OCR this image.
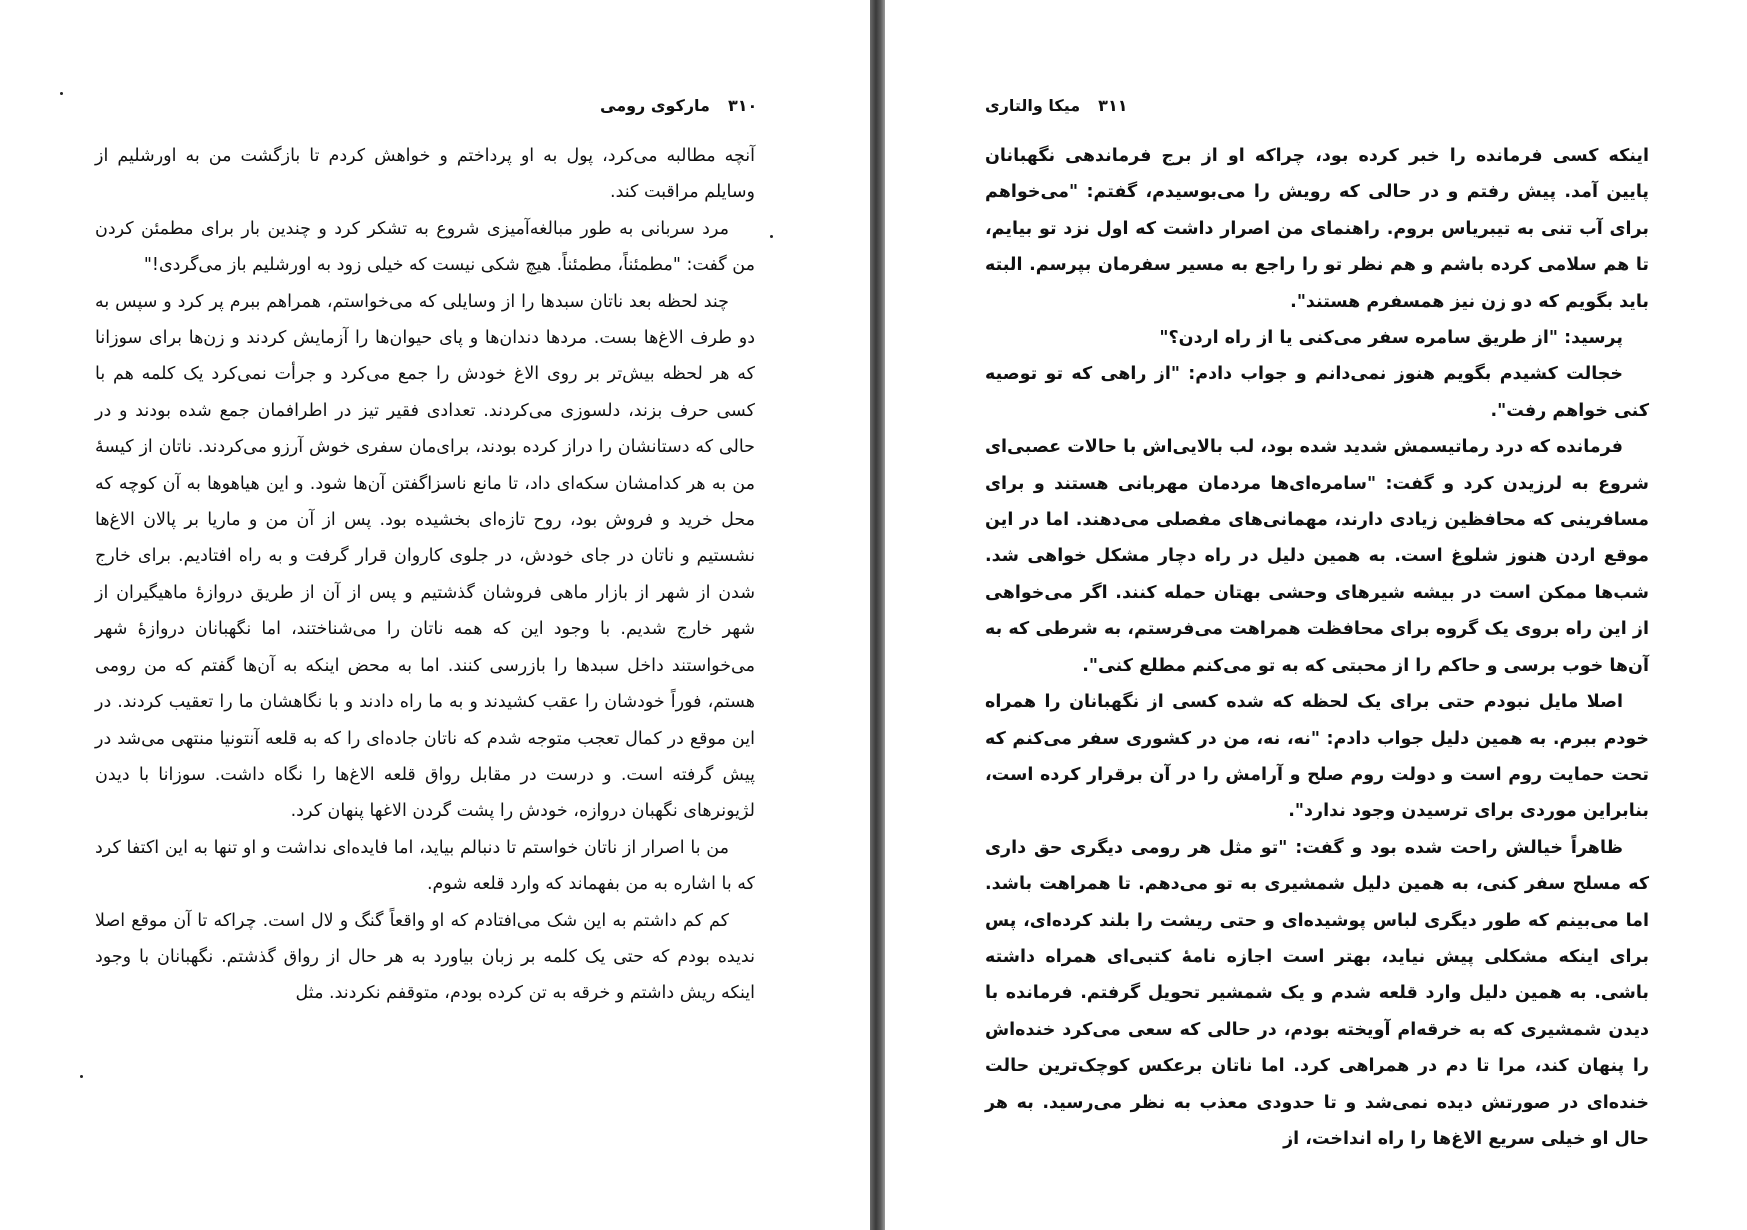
۳۱۰
مارکوی رومی

آنچه مطالبه می‌کرد، پول به او پرداختم و خواهش کردم تا بازگشت من به اورشلیم از وسایلم مراقبت کند.

مرد سربانی به طور مبالغه‌آمیزی شروع به تشکر کرد و چندین بار برای مطمئن کردن من گفت: "مطمئناً، مطمئناً. هیچ شکی نیست که خیلی زود به اورشلیم باز می‌گردی!"

چند لحظه بعد ناتان سبدها را از وسایلی که می‌خواستم، همراهم ببرم پر کرد و سپس به دو طرف الاغ‌ها بست. مردها دندان‌ها و پای حیوان‌ها را آزمایش کردند و زن‌ها برای سوزانا که هر لحظه بیش‌تر بر روی الاغ خودش را جمع می‌کرد و جرأت نمی‌کرد یک کلمه هم با کسی حرف بزند، دلسوزی می‌کردند. تعدادی فقیر تیز در اطرافمان جمع شده بودند و در حالی که دستانشان را دراز کرده بودند، برای‌مان سفری خوش آرزو می‌کردند. ناتان از کیسهٔ من به هر کدامشان سکه‌ای داد، تا مانع ناسزاگفتن آن‌ها شود. و این هیاهوها به آن کوچه که محل خرید و فروش بود، روح تازه‌ای بخشیده بود. پس از آن من و ماریا بر پالان الاغ‌ها نشستیم و ناتان در جای خودش، در جلوی کاروان قرار گرفت و به راه افتادیم. برای خارج شدن از شهر از بازار ماهی فروشان گذشتیم و پس از آن از طریق دروازهٔ ماهیگیران از شهر خارج شدیم. با وجود این که همه ناتان را می‌شناختند، اما نگهبانان دروازهٔ شهر می‌خواستند داخل سبدها را بازرسی کنند. اما به محض اینکه به آن‌ها گفتم که من رومی هستم، فوراً خودشان را عقب کشیدند و به ما راه دادند و با نگاهشان ما را تعقیب کردند. در این موقع در کمال تعجب متوجه شدم که ناتان جاده‌ای را که به قلعه آنتونیا منتهی می‌شد در پیش گرفته است. و درست در مقابل رواق قلعه الاغ‌ها را نگاه داشت. سوزانا با دیدن لژیونرهای نگهبان دروازه، خودش را پشت گردن الاغها پنهان کرد.

من با اصرار از ناتان خواستم تا دنبالم بیاید، اما فایده‌ای نداشت و او تنها به این اکتفا کرد که با اشاره به من بفهماند که وارد قلعه شوم.

کم کم داشتم به این شک می‌افتادم که او واقعاً گنگ و لال است. چراکه تا آن موقع اصلا ندیده بودم که حتی یک کلمه بر زبان بیاورد به هر حال از رواق گذشتم. نگهبانان با وجود اینکه ریش داشتم و خرقه به تن کرده بودم، متوقفم نکردند. مثل

۳۱۱
میکا والتاری

اینکه کسی فرمانده را خبر کرده بود، چراکه او از برج فرماندهی نگهبانان پایین آمد. پیش رفتم و در حالی که رویش را می‌بوسیدم، گفتم: "می‌خواهم برای آب تنی به تیبریاس بروم. راهنمای من اصرار داشت که اول نزد تو بیایم، تا هم سلامی کرده باشم و هم نظر تو را راجع به مسیر سفرمان بپرسم. البته باید بگویم که دو زن نیز همسفرم هستند".

پرسید: "از طریق سامره سفر می‌کنی یا از راه اردن؟"

خجالت کشیدم بگویم هنوز نمی‌دانم و جواب دادم: "از راهی که تو توصیه کنی خواهم رفت".

فرمانده که درد رماتیسمش شدید شده بود، لب بالایی‌اش با حالات عصبی‌ای شروع به لرزیدن کرد و گفت: "سامره‌ای‌ها مردمان مهربانی هستند و برای مسافرینی که محافظین زیادی دارند، مهمانی‌های مفصلی می‌دهند. اما در این موقع اردن هنوز شلوغ است. به همین دلیل در راه دچار مشکل خواهی شد. شب‌ها ممکن است در بیشه شیرهای وحشی بهتان حمله کنند. اگر می‌خواهی از این راه بروی یک گروه برای محافظت همراهت می‌فرستم، به شرطی که به آن‌ها خوب برسی و حاکم را از محبتی که به تو می‌کنم مطلع کنی".

اصلا مایل نبودم حتی برای یک لحظه که شده کسی از نگهبانان را همراه خودم ببرم. به همین دلیل جواب دادم: "نه، نه، من در کشوری سفر می‌کنم که تحت حمایت روم است و دولت روم صلح و آرامش را در آن برقرار کرده است، بنابراین موردی برای ترسیدن وجود ندارد".

ظاهراً خیالش راحت شده بود و گفت: "تو مثل هر رومی دیگری حق داری که مسلح سفر کنی، به همین دلیل شمشیری به تو می‌دهم. تا همراهت باشد. اما می‌بینم که طور دیگری لباس پوشیده‌ای و حتی ریشت را بلند کرده‌ای، پس برای اینکه مشکلی پیش نیاید، بهتر است اجازه نامهٔ کتبی‌ای همراه داشته باشی. به همین دلیل وارد قلعه شدم و یک شمشیر تحویل گرفتم. فرمانده با دیدن شمشیری که به خرقه‌ام آویخته بودم، در حالی که سعی می‌کرد خنده‌اش را پنهان کند، مرا تا دم در همراهی کرد. اما ناتان برعکس کوچک‌ترین حالت خنده‌ای در صورتش دیده نمی‌شد و تا حدودی معذب به نظر می‌رسید. به هر حال او خیلی سریع الاغ‌ها را راه انداخت، از
